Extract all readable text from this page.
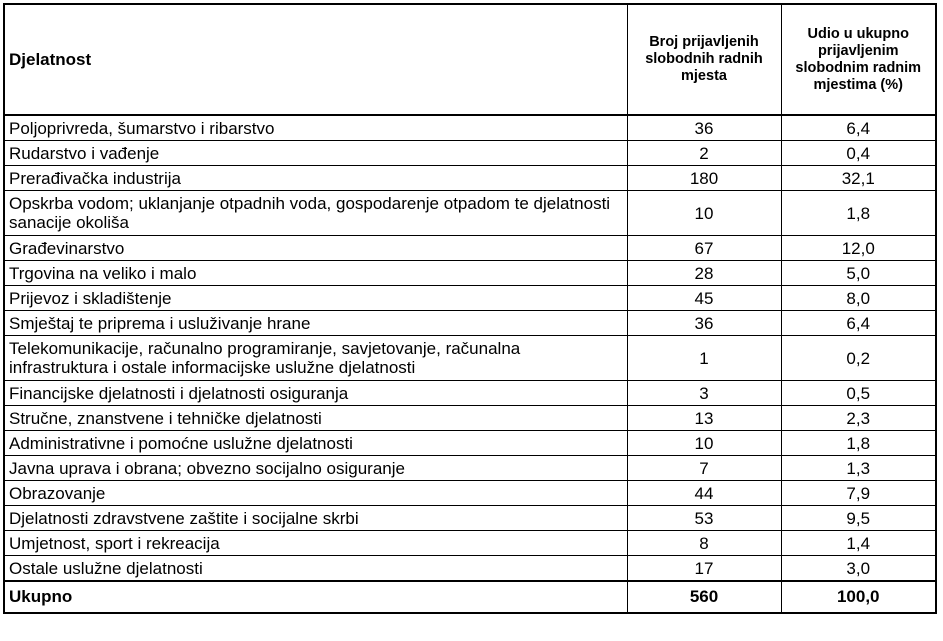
Djelatnost	Broj prijavljenih slobodnih radnih mjesta	Udio u ukupno prijavljenim slobodnim radnim mjestima (%)
Poljoprivreda, šumarstvo i ribarstvo	36	6,4
Rudarstvo i vađenje	2	0,4
Prerađivačka industrija	180	32,1
Opskrba vodom; uklanjanje otpadnih voda, gospodarenje otpadom te djelatnosti sanacije okoliša	10	1,8
Građevinarstvo	67	12,0
Trgovina na veliko i malo	28	5,0
Prijevoz i skladištenje	45	8,0
Smještaj te priprema i usluživanje hrane	36	6,4
Telekomunikacije, računalno programiranje, savjetovanje, računalna infrastruktura i ostale informacijske uslužne djelatnosti	1	0,2
Financijske djelatnosti i djelatnosti osiguranja	3	0,5
Stručne, znanstvene i tehničke djelatnosti	13	2,3
Administrativne i pomoćne uslužne djelatnosti	10	1,8
Javna uprava i obrana; obvezno socijalno osiguranje	7	1,3
Obrazovanje	44	7,9
Djelatnosti zdravstvene zaštite i socijalne skrbi	53	9,5
Umjetnost, sport i rekreacija	8	1,4
Ostale uslužne djelatnosti	17	3,0
Ukupno	560	100,0
